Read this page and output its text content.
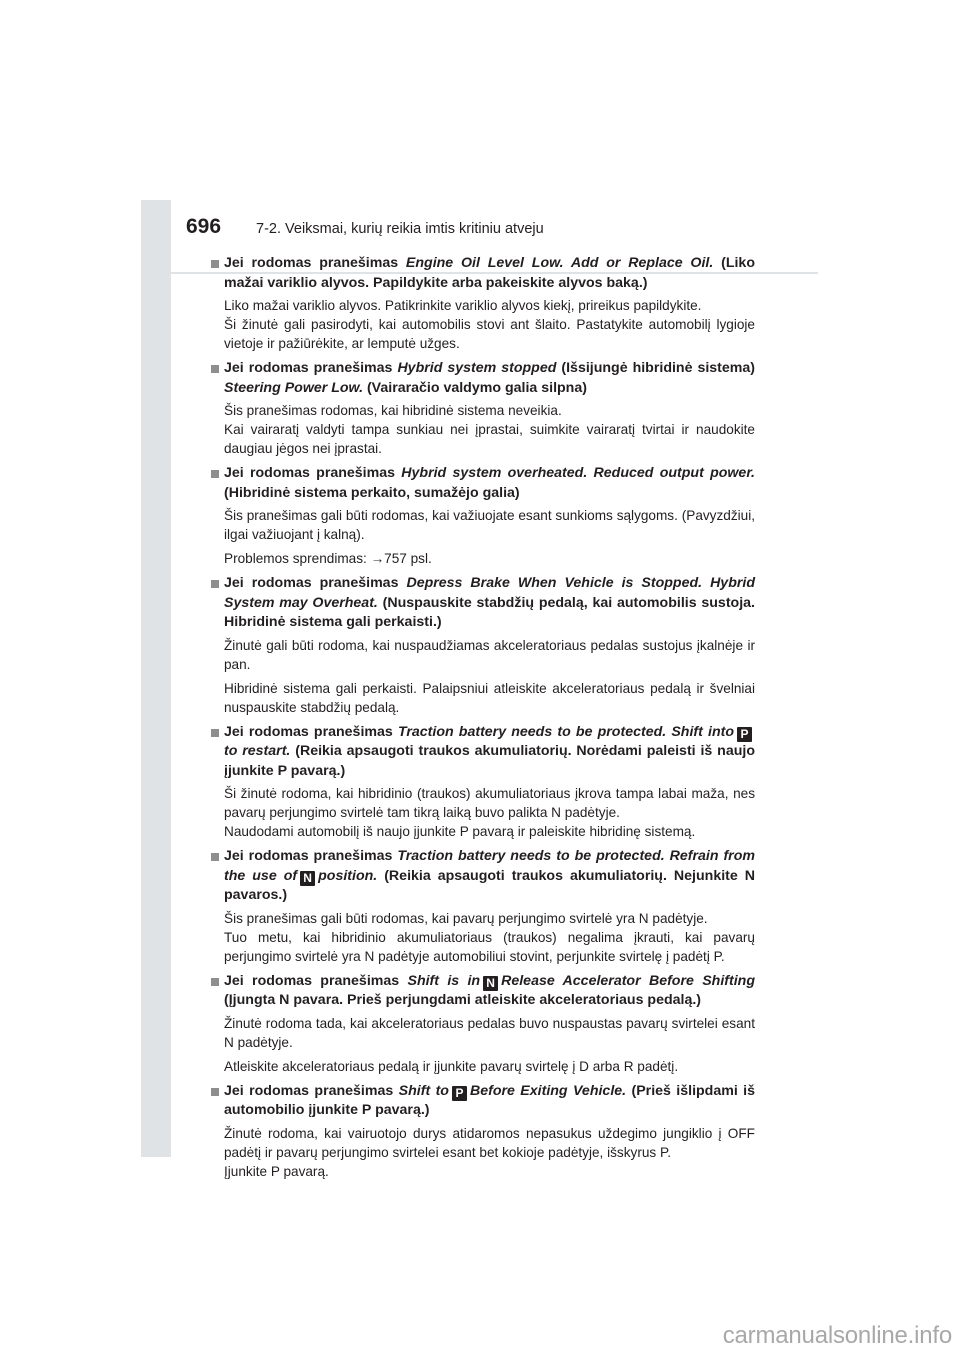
696 7-2. Veiksmai, kurių reikia imtis kritiniu atveju
Jei rodomas pranešimas Engine Oil Level Low. Add or Replace Oil. (Liko mažai variklio alyvos. Papildykite arba pakeiskite alyvos baką.)
Liko mažai variklio alyvos. Patikrinkite variklio alyvos kiekį, prireikus papildykite.
Ši žinutė gali pasirodyti, kai automobilis stovi ant šlaito. Pastatykite automobilį lygioje vietoje ir pažiūrėkite, ar lemputė užges.
Jei rodomas pranešimas Hybrid system stopped (Išsijungė hibridinė sistema) Steering Power Low. (Vairaračio valdymo galia silpna)
Šis pranešimas rodomas, kai hibridinė sistema neveikia.
Kai vairaratį valdyti tampa sunkiau nei įprastai, suimkite vairaratį tvirtai ir naudokite daugiau jėgos nei įprastai.
Jei rodomas pranešimas Hybrid system overheated. Reduced output power. (Hibridinė sistema perkaito, sumažėjo galia)
Šis pranešimas gali būti rodomas, kai važiuojate esant sunkioms sąlygoms. (Pavyzdžiui, ilgai važiuojant į kalną).
Problemos sprendimas: →757 psl.
Jei rodomas pranešimas Depress Brake When Vehicle is Stopped. Hybrid System may Overheat. (Nuspauskite stabdžių pedalą, kai automobilis sustoja. Hibridinė sistema gali perkaisti.)
Žinutė gali būti rodoma, kai nuspaudžiamas akceleratoriaus pedalas sustojus įkalnėje ir pan.
Hibridinė sistema gali perkaisti. Palaipsniui atleiskite akceleratoriaus pedalą ir švelniai nuspauskite stabdžių pedalą.
Jei rodomas pranešimas Traction battery needs to be protected. Shift into Pto restart. (Reikia apsaugoti traukos akumuliatorių. Norėdami paleisti iš naujo įjunkite P pavarą.)
Ši žinutė rodoma, kai hibridinio (traukos) akumuliatoriaus įkrova tampa labai maža, nes pavarų perjungimo svirtelė tam tikrą laiką buvo palikta N padėtyje.
Naudodami automobilį iš naujo įjunkite P pavarą ir paleiskite hibridinę sistemą.
Jei rodomas pranešimas Traction battery needs to be protected. Refrain from the use of N position. (Reikia apsaugoti traukos akumuliatorių. Nejunkite N pavaros.)
Šis pranešimas gali būti rodomas, kai pavarų perjungimo svirtelė yra N padėtyje.
Tuo metu, kai hibridinio akumuliatoriaus (traukos) negalima įkrauti, kai pavarų perjungimo svirtelė yra N padėtyje automobiliui stovint, perjunkite svirtelę į padėtį P.
Jei rodomas pranešimas Shift is in N Release Accelerator Before Shifting (Įjungta N pavara. Prieš perjungdami atleiskite akceleratoriaus pedalą.)
Žinutė rodoma tada, kai akceleratoriaus pedalas buvo nuspaustas pavarų svirtelei esant N padėtyje.
Atleiskite akceleratoriaus pedalą ir įjunkite pavarų svirtelę į D arba R padėtį.
Jei rodomas pranešimas Shift to P Before Exiting Vehicle. (Prieš išlipdami iš automobilio įjunkite P pavarą.)
Žinutė rodoma, kai vairuotojo durys atidaromos nepasukus uždegimo jungiklio į OFF padėtį ir pavarų perjungimo svirtelei esant bet kokioje padėtyje, išskyrus P.
Įjunkite P pavarą.
carmanualsonline.info
